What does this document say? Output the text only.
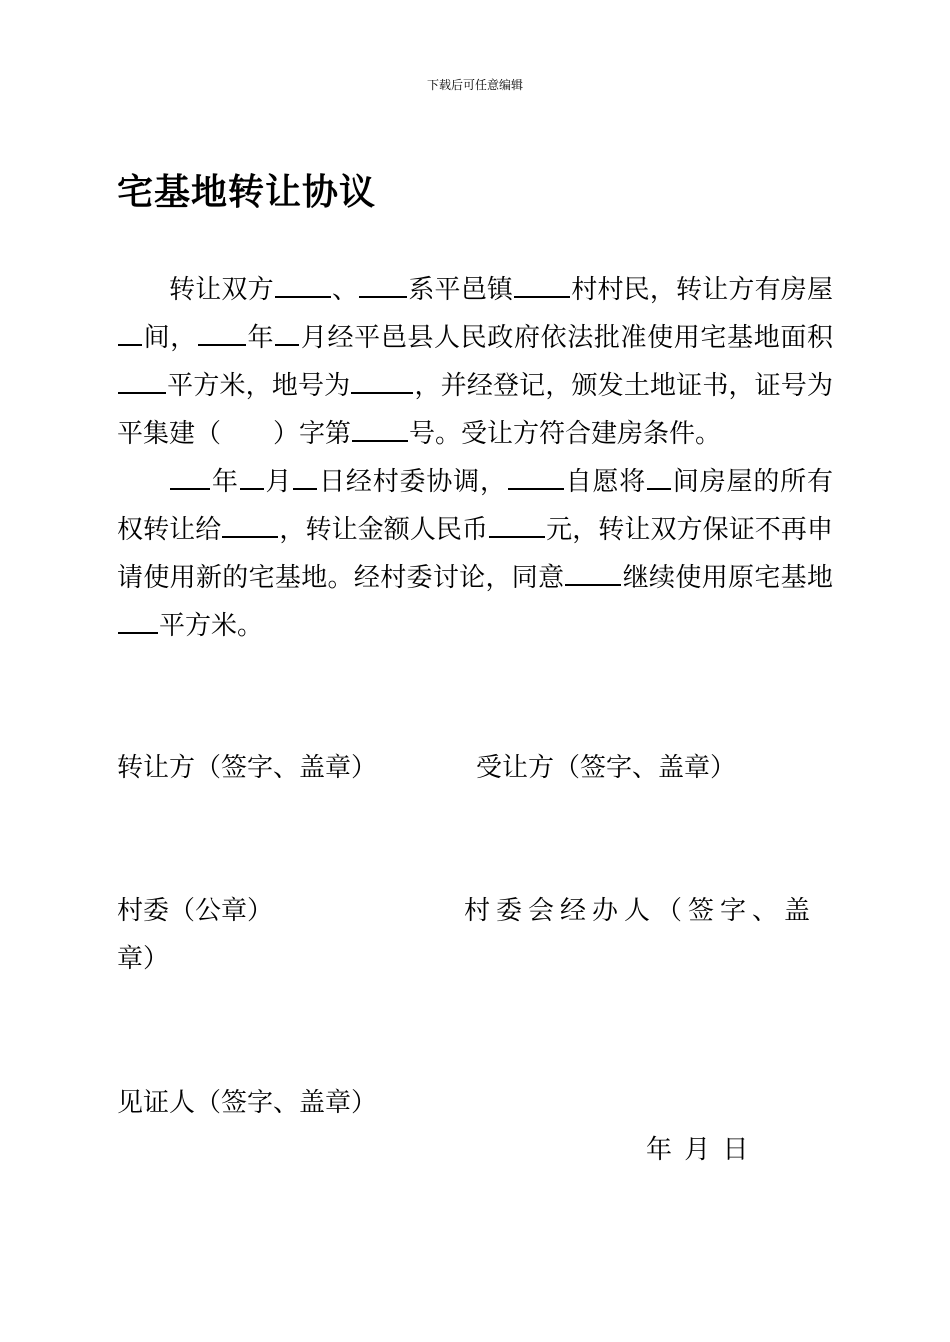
下载后可任意编辑
宅基地转让协议

转让双方 、 系平邑镇 村村民，转让方有房屋间， 年 月经平邑县人民政府依法批准使用宅基地面积平方米，地号为 ，并经登记，颁发土地证书，证号为平集建（　　）字第 号。受让方符合建房条件。

年 月 日经村委协调， 自愿将 间房屋的所有权转让给 ，转让金额人民币 元，转让双方保证不再申请使用新的宅基地。经村委讨论，同意 继续使用原宅基地平方米。

转让方（签字、盖章）	受让方（签字、盖章）
村委（公章）	村委会经办人（签字、盖
章）
见证人（签字、盖章）
年 月 日
